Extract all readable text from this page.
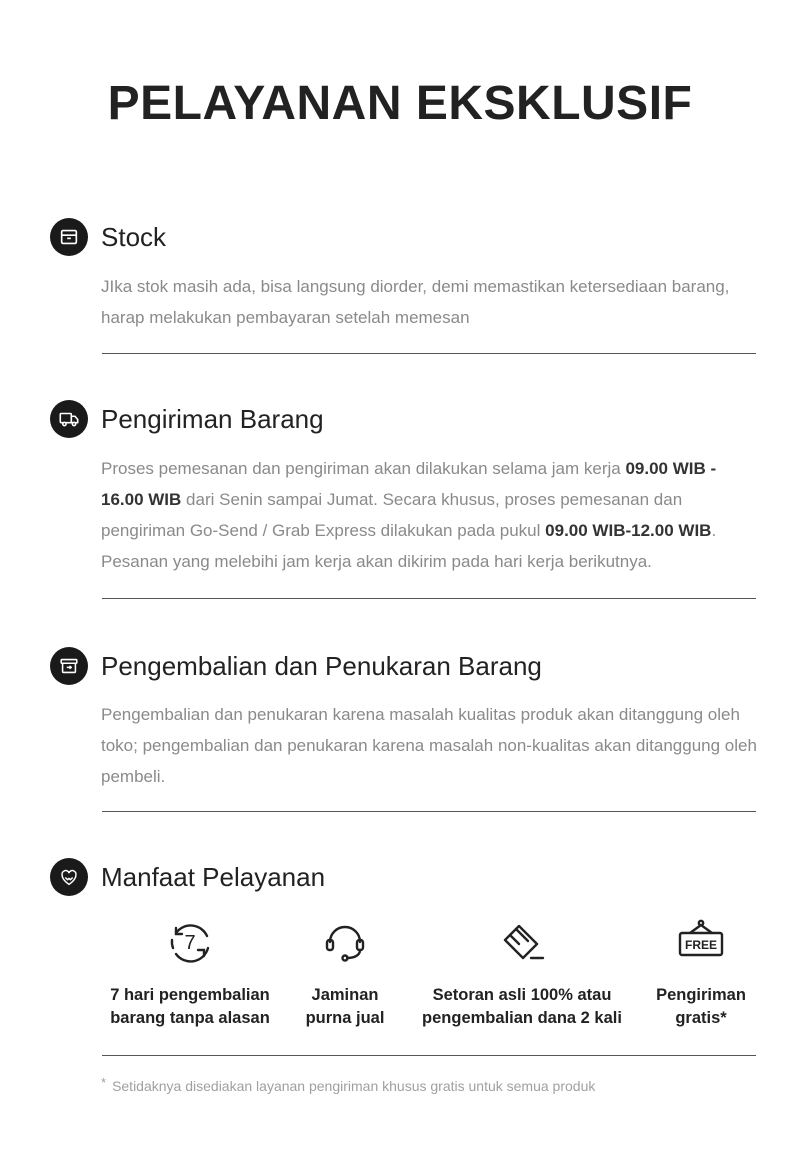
PELAYANAN EKSKLUSIF
Stock
JIka stok masih ada, bisa langsung diorder, demi memastikan ketersediaan barang, harap melakukan pembayaran setelah memesan
Pengiriman Barang
Proses pemesanan dan pengiriman akan dilakukan selama jam kerja 09.00 WIB - 16.00 WIB dari Senin sampai Jumat. Secara khusus, proses pemesanan dan pengiriman Go-Send / Grab Express dilakukan pada pukul 09.00 WIB-12.00 WIB. Pesanan yang melebihi jam kerja akan dikirim pada hari kerja berikutnya.
Pengembalian dan Penukaran Barang
Pengembalian dan penukaran karena masalah kualitas produk akan ditanggung oleh toko; pengembalian dan penukaran karena masalah non-kualitas akan ditanggung oleh pembeli.
Manfaat Pelayanan
7
7 hari pengembalian
barang tanpa alasan
Jaminan
purna jual
Setoran asli 100% atau
pengembalian dana 2 kali
FREE
Pengiriman
gratis*
* Setidaknya disediakan layanan pengiriman khusus gratis untuk semua produk
